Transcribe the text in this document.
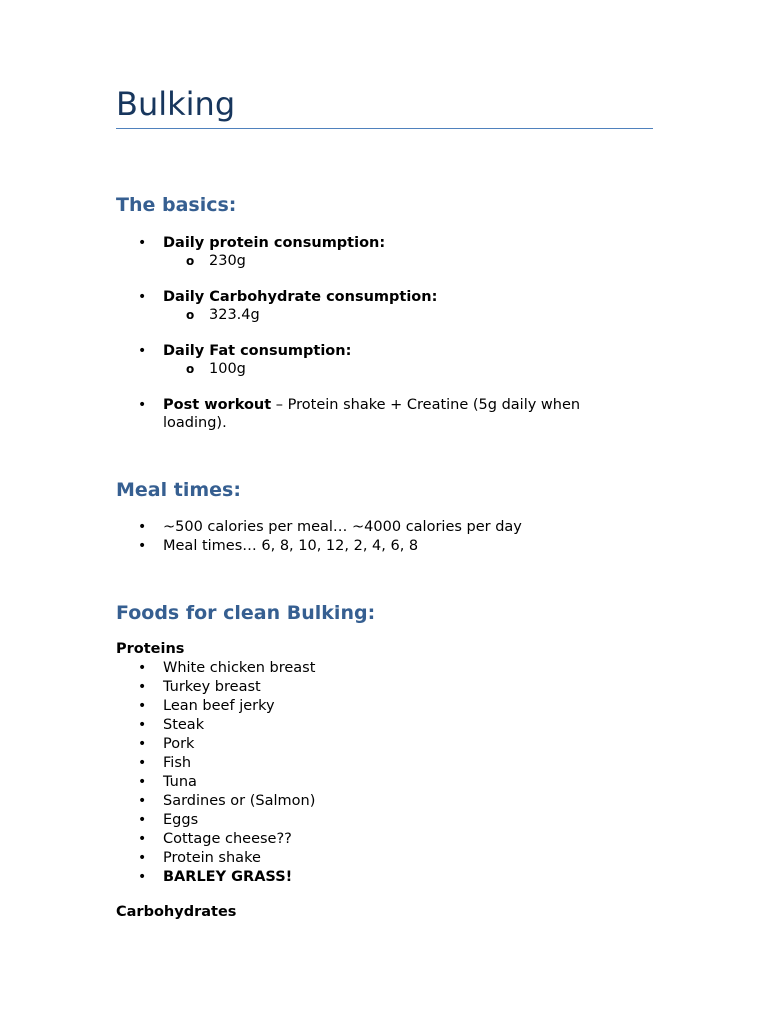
Bulking
The basics:
• Daily protein consumption:
o 230g
• Daily Carbohydrate consumption:
o 323.4g
• Daily Fat consumption:
o 100g
• Post workout – Protein shake + Creatine (5g daily when
loading).
Meal times:
• ~500 calories per meal… ~4000 calories per day
• Meal times… 6, 8, 10, 12, 2, 4, 6, 8
Foods for clean Bulking:
Proteins
• White chicken breast
• Turkey breast
• Lean beef jerky
• Steak
• Pork
• Fish
• Tuna
• Sardines or (Salmon)
• Eggs
• Cottage cheese??
• Protein shake
• BARLEY GRASS!
Carbohydrates
